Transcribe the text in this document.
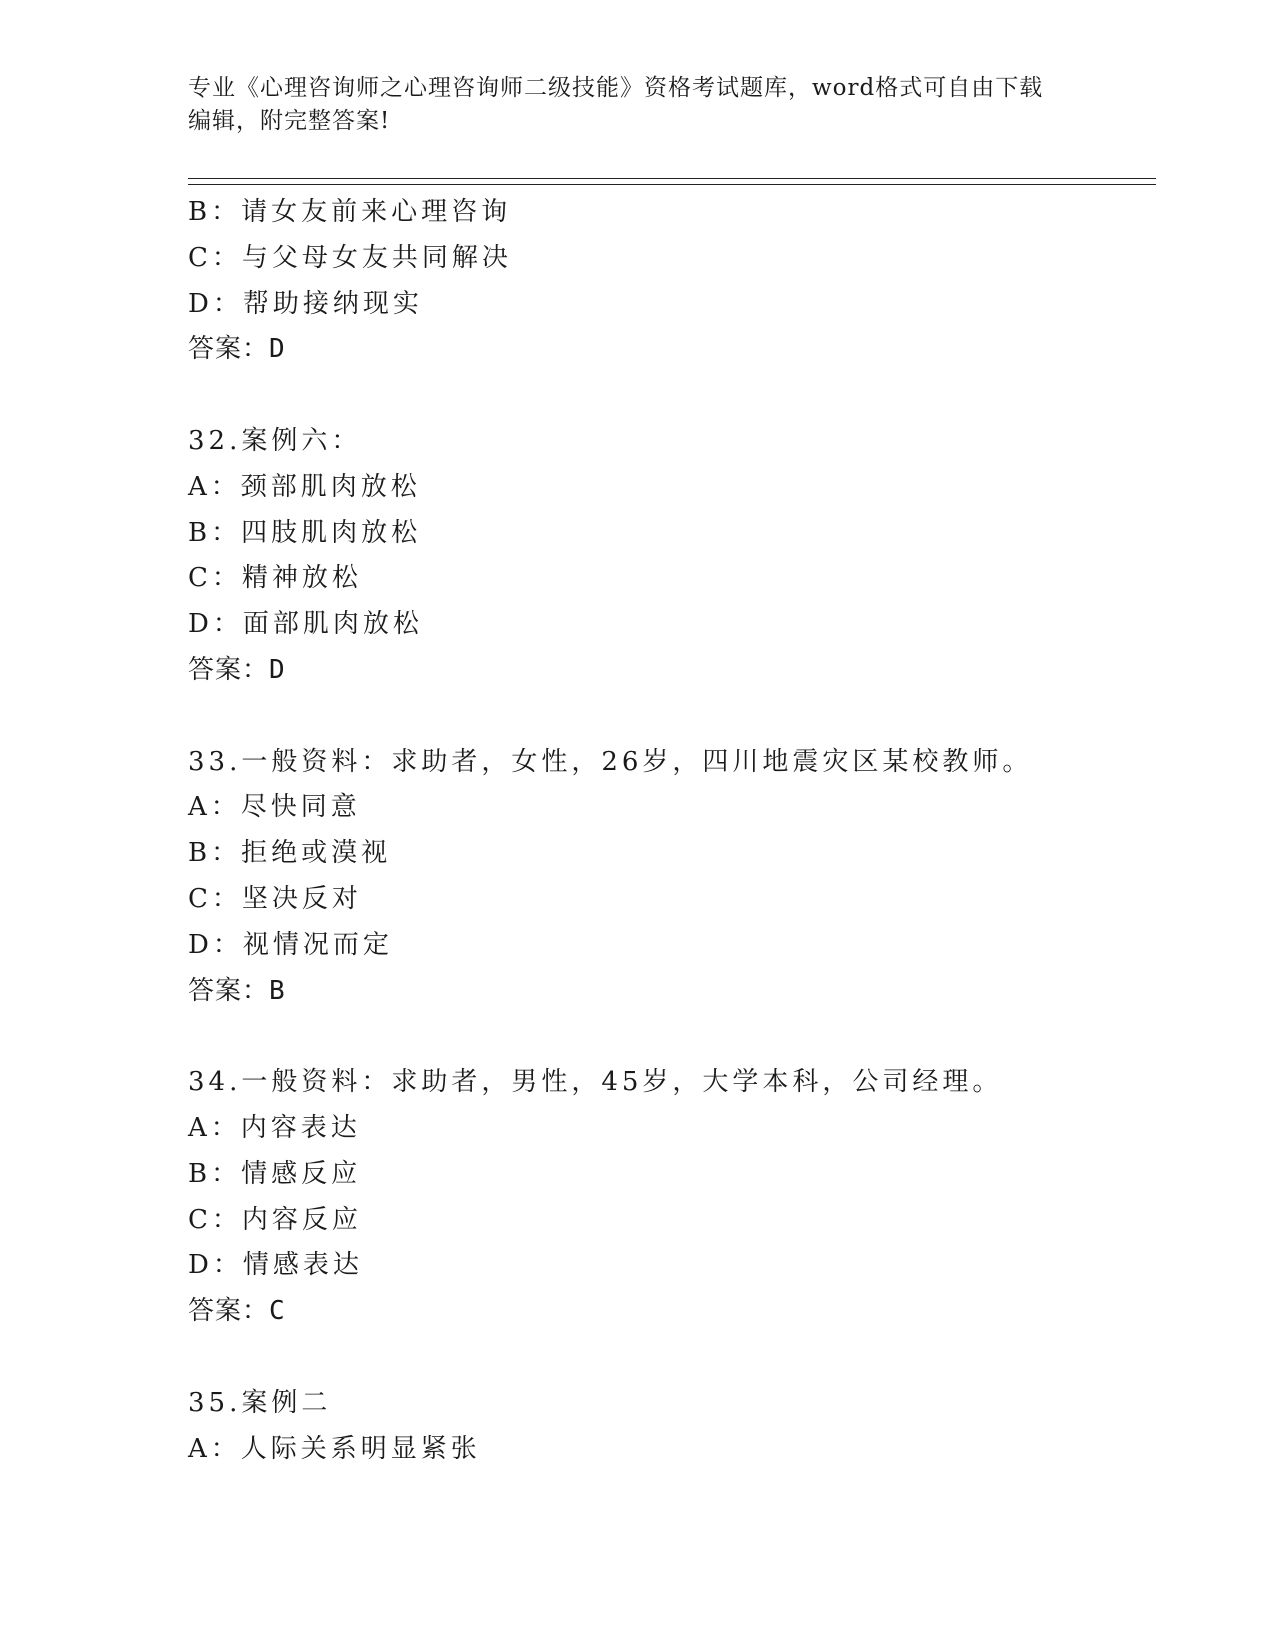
专业《心理咨询师之心理咨询师二级技能》资格考试题库，word格式可自由下载
编辑，附完整答案!
B：请女友前来心理咨询
C：与父母女友共同解决
D：帮助接纳现实
答案：D
32.案例六：
A：颈部肌肉放松
B：四肢肌肉放松
C：精神放松
D：面部肌肉放松
答案：D
33.一般资料：求助者，女性，26岁，四川地震灾区某校教师。
A：尽快同意
B：拒绝或漠视
C：坚决反对
D：视情况而定
答案：B
34.一般资料：求助者，男性，45岁，大学本科，公司经理。
A：内容表达
B：情感反应
C：内容反应
D：情感表达
答案：C
35.案例二
A：人际关系明显紧张
